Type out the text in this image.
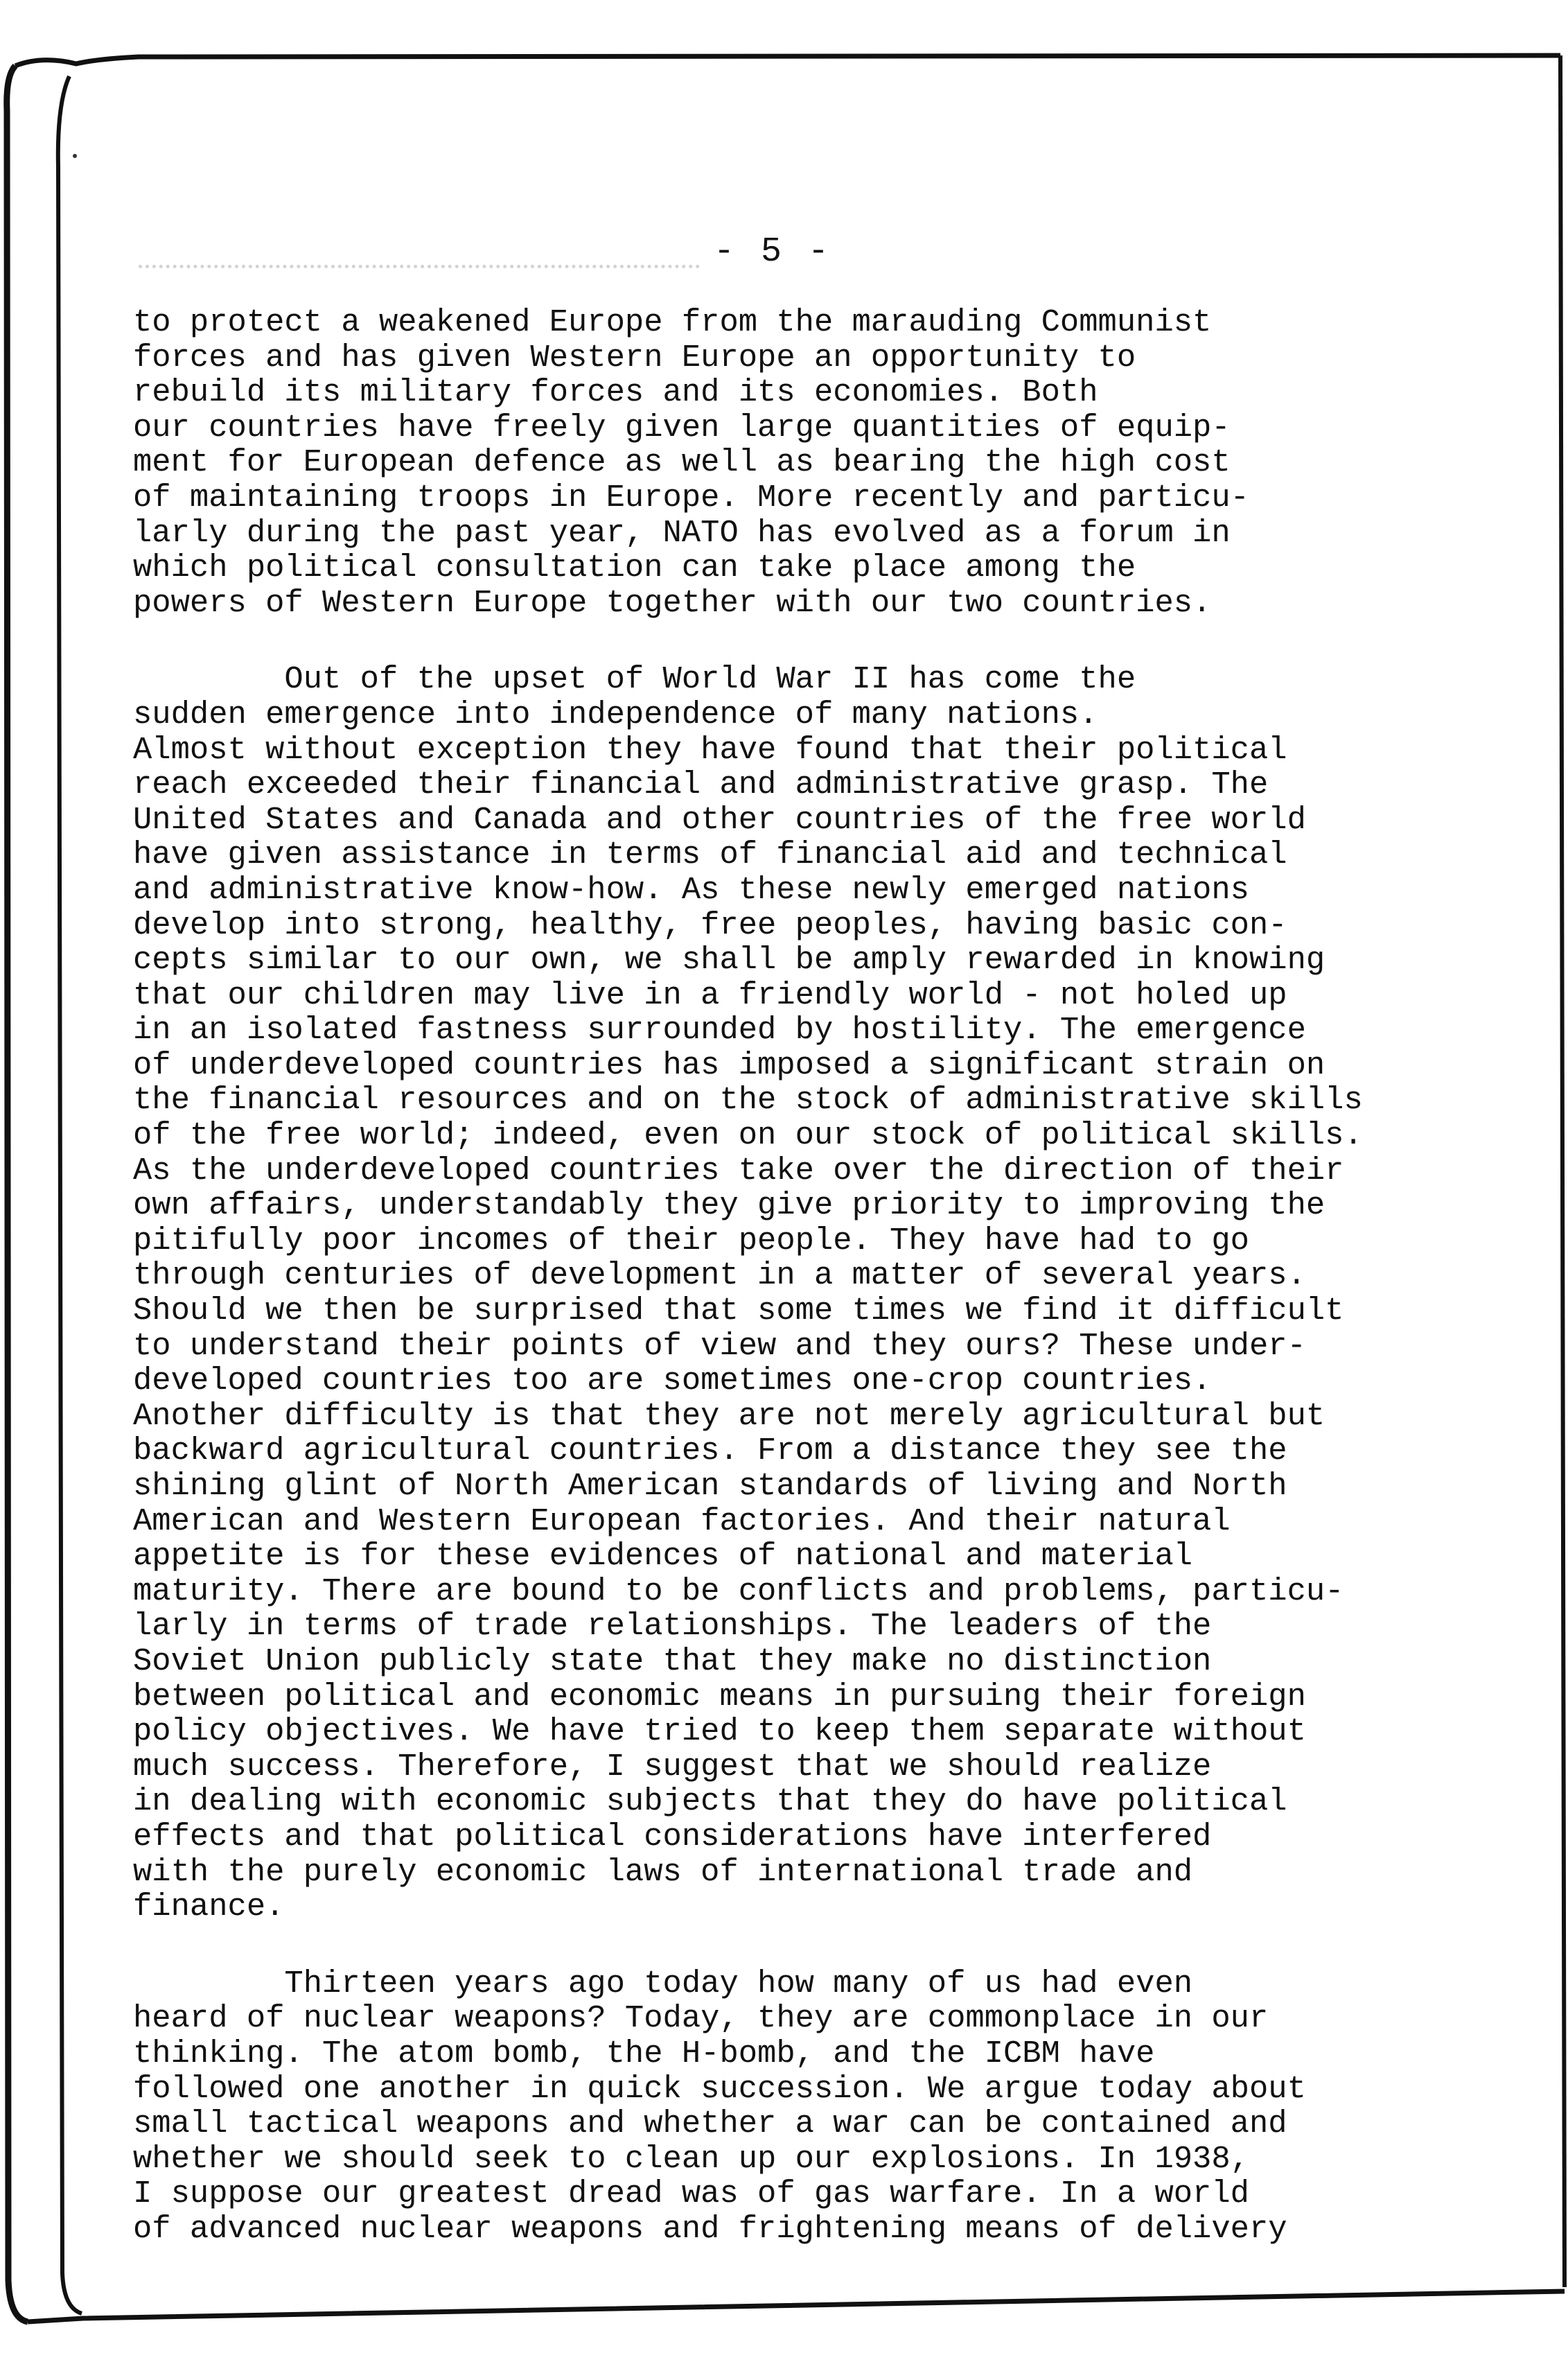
- 5 -
to protect a weakened Europe from the marauding Communist
forces and has given Western Europe an opportunity to
rebuild its military forces and its economies. Both
our countries have freely given large quantities of equip-
ment for European defence as well as bearing the high cost
of maintaining troops in Europe. More recently and particu-
larly during the past year, NATO has evolved as a forum in
which political consultation can take place among the
powers of Western Europe together with our two countries.
Out of the upset of World War II has come the
sudden emergence into independence of many nations.
Almost without exception they have found that their political
reach exceeded their financial and administrative grasp. The
United States and Canada and other countries of the free world
have given assistance in terms of financial aid and technical
and administrative know-how. As these newly emerged nations
develop into strong, healthy, free peoples, having basic con-
cepts similar to our own, we shall be amply rewarded in knowing
that our children may live in a friendly world - not holed up
in an isolated fastness surrounded by hostility. The emergence
of underdeveloped countries has imposed a significant strain on
the financial resources and on the stock of administrative skills
of the free world; indeed, even on our stock of political skills.
As the underdeveloped countries take over the direction of their
own affairs, understandably they give priority to improving the
pitifully poor incomes of their people. They have had to go
through centuries of development in a matter of several years.
Should we then be surprised that some times we find it difficult
to understand their points of view and they ours? These under-
developed countries too are sometimes one-crop countries.
Another difficulty is that they are not merely agricultural but
backward agricultural countries. From a distance they see the
shining glint of North American standards of living and North
American and Western European factories. And their natural
appetite is for these evidences of national and material
maturity. There are bound to be conflicts and problems, particu-
larly in terms of trade relationships. The leaders of the
Soviet Union publicly state that they make no distinction
between political and economic means in pursuing their foreign
policy objectives. We have tried to keep them separate without
much success. Therefore, I suggest that we should realize
in dealing with economic subjects that they do have political
effects and that political considerations have interfered
with the purely economic laws of international trade and
finance.
Thirteen years ago today how many of us had even
heard of nuclear weapons? Today, they are commonplace in our
thinking. The atom bomb, the H-bomb, and the ICBM have
followed one another in quick succession. We argue today about
small tactical weapons and whether a war can be contained and
whether we should seek to clean up our explosions. In 1938,
I suppose our greatest dread was of gas warfare. In a world
of advanced nuclear weapons and frightening means of delivery
